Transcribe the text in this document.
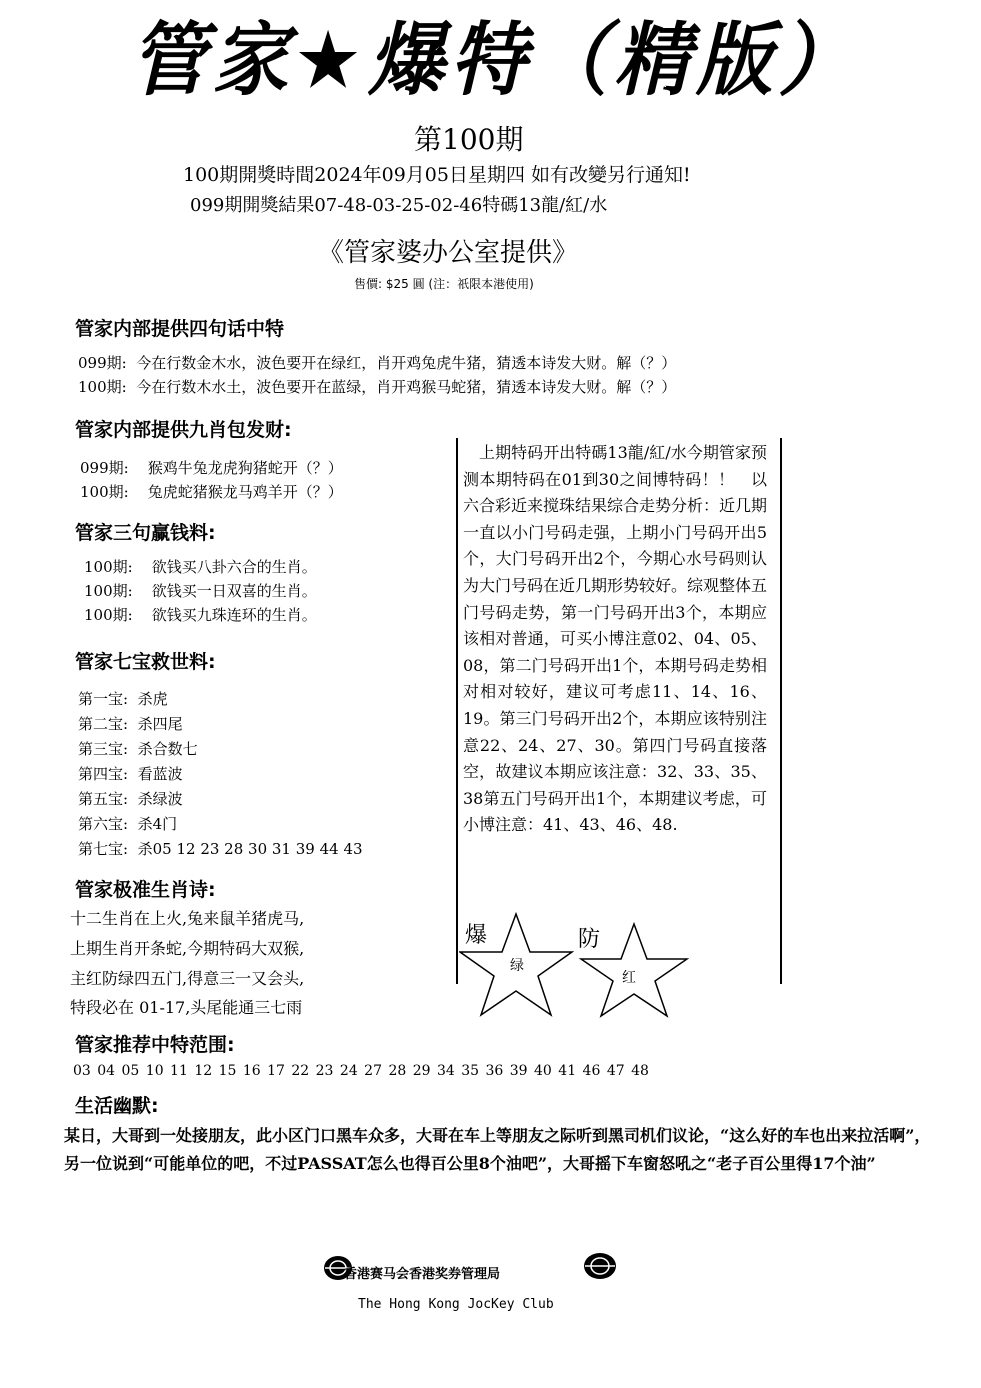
管家★爆特（精版）
第100期
100期開獎時間2024年09月05日星期四 如有改變另行通知!
099期開獎結果07-48-03-25-02-46特碼13龍/紅/水
《管家婆办公室提供》
售價: $25 圓 (注：祇限本港使用)
管家内部提供四句话中特
099期: 今在行数金木水，波色要开在绿红，肖开鸡兔虎牛猪，猜透本诗发大财。解（？）
100期: 今在行数木水土，波色要开在蓝绿，肖开鸡猴马蛇猪，猜透本诗发大财。解（？）
管家内部提供九肖包发财:
099期: 猴鸡牛兔龙虎狗猪蛇开（？）
100期: 兔虎蛇猪猴龙马鸡羊开（？）
管家三句赢钱料:
100期: 欲钱买八卦六合的生肖。
100期: 欲钱买一日双喜的生肖。
100期: 欲钱买九珠连环的生肖。
管家七宝救世料:
第一宝: 杀虎
第二宝: 杀四尾
第三宝: 杀合数七
第四宝: 看蓝波
第五宝: 杀绿波
第六宝: 杀4门
第七宝: 杀05 12 23 28 30 31 39 44 43
管家极准生肖诗:
十二生肖在上火,兔来鼠羊猪虎马,
上期生肖开条蛇,今期特码大双猴,
主红防绿四五门,得意三一又会头,
特段必在 01-17,头尾能通三七雨
　上期特码开出特碼13龍/紅/水今期管家预测本期特码在01到30之间博特码！！　以六合彩近来搅珠结果综合走势分析：近几期一直以小门号码走强，上期小门号码开出5个，大门号码开出2个，今期心水号码则认为大门号码在近几期形势较好。综观整体五门号码走势，第一门号码开出3个，本期应该相对普通，可买小博注意02、04、05、08，第二门号码开出1个，本期号码走势相对相对较好，建议可考虑11、14、16、19。第三门号码开出2个，本期应该特别注意22、24、27、30。第四门号码直接落空，故建议本期应该注意：32、33、35、38第五门号码开出1个，本期建议考虑，可小博注意：41、43、46、48.
爆
绿
防
红
管家推荐中特范围:
03 04 05 10 11 12 15 16 17 22 23 24 27 28 29 34 35 36 39 40 41 46 47 48
生活幽默:
某日，大哥到一处接朋友，此小区门口黑车众多，大哥在车上等朋友之际听到黑司机们议论，“这么好的车也出来拉活啊”，另一位说到“可能单位的吧，不过PASSAT怎么也得百公里8个油吧”，大哥摇下车窗怒吼之“老子百公里得17个油”
香港赛马会香港奖券管理局
The Hong Kong JocKey Club
